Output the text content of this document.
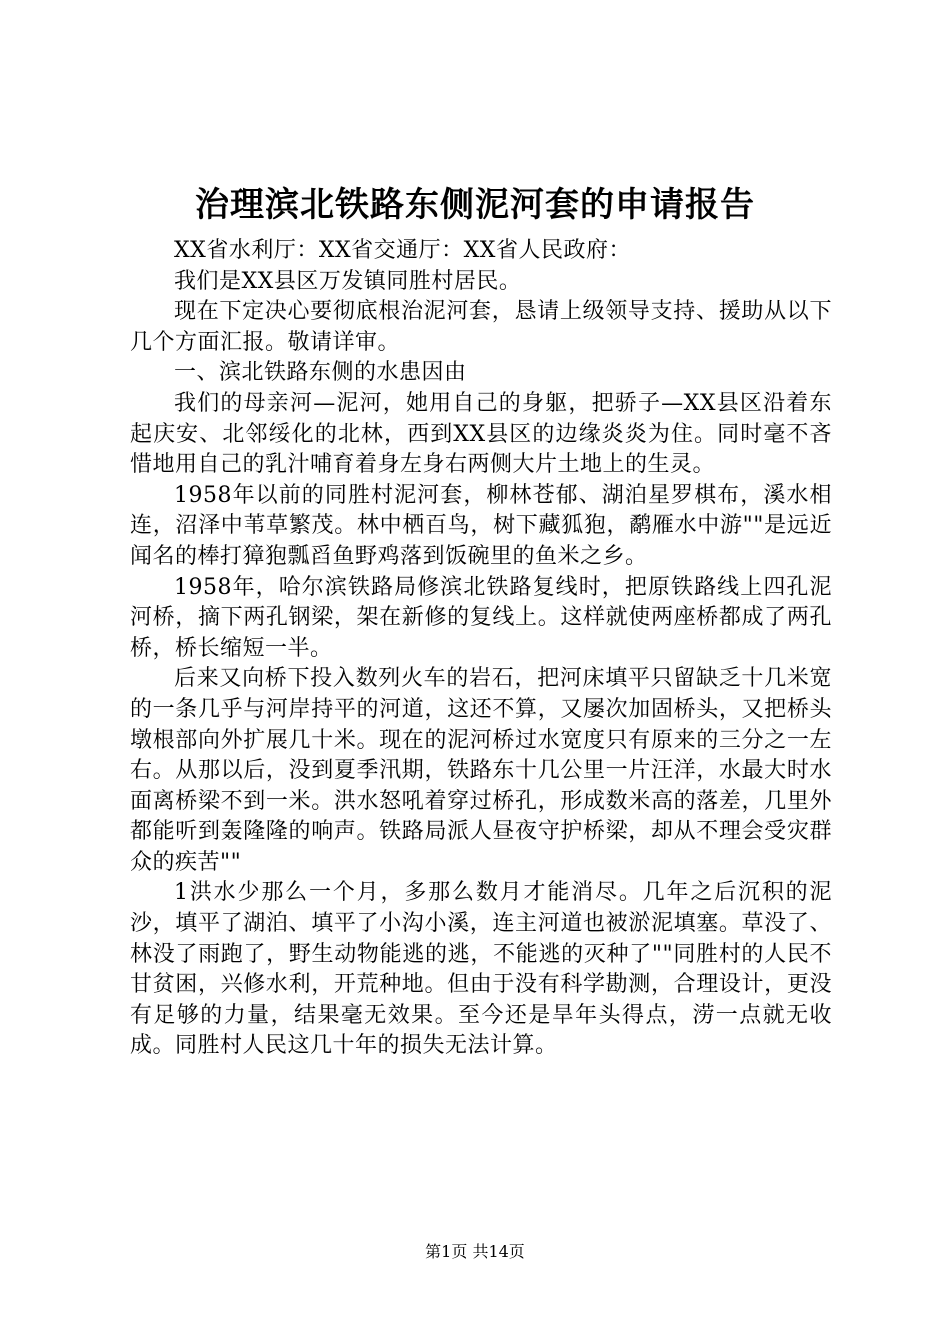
治理滨北铁路东侧泥河套的申请报告

XX省水利厅：XX省交通厅：XX省人民政府：

我们是XX县区万发镇同胜村居民。

现在下定决心要彻底根治泥河套，恳请上级领导支持、援助从以下几个方面汇报。敬请详审。

一、滨北铁路东侧的水患因由

我们的母亲河—泥河，她用自己的身躯，把骄子—XX县区沿着东起庆安、北邻绥化的北林，西到XX县区的边缘炎炎为住。同时毫不吝惜地用自己的乳汁哺育着身左身右两侧大片土地上的生灵。

1958年以前的同胜村泥河套，柳林苍郁、湖泊星罗棋布，溪水相连，沼泽中苇草繁茂。林中栖百鸟，树下藏狐狍，鹬雁水中游""是远近闻名的棒打獐狍瓢舀鱼野鸡落到饭碗里的鱼米之乡。

1958年，哈尔滨铁路局修滨北铁路复线时，把原铁路线上四孔泥河桥，摘下两孔钢梁，架在新修的复线上。这样就使两座桥都成了两孔桥，桥长缩短一半。

后来又向桥下投入数列火车的岩石，把河床填平只留缺乏十几米宽的一条几乎与河岸持平的河道，这还不算，又屡次加固桥头，又把桥头墩根部向外扩展几十米。现在的泥河桥过水宽度只有原来的三分之一左右。从那以后，没到夏季汛期，铁路东十几公里一片汪洋，水最大时水面离桥梁不到一米。洪水怒吼着穿过桥孔，形成数米高的落差，几里外都能听到轰隆隆的响声。铁路局派人昼夜守护桥梁，却从不理会受灾群众的疾苦""

1洪水少那么一个月，多那么数月才能消尽。几年之后沉积的泥沙，填平了湖泊、填平了小沟小溪，连主河道也被淤泥填塞。草没了、林没了雨跑了，野生动物能逃的逃，不能逃的灭种了""同胜村的人民不甘贫困，兴修水利，开荒种地。但由于没有科学勘测，合理设计，更没有足够的力量，结果毫无效果。至今还是旱年头得点，涝一点就无收成。同胜村人民这几十年的损失无法计算。

第1页 共14页
